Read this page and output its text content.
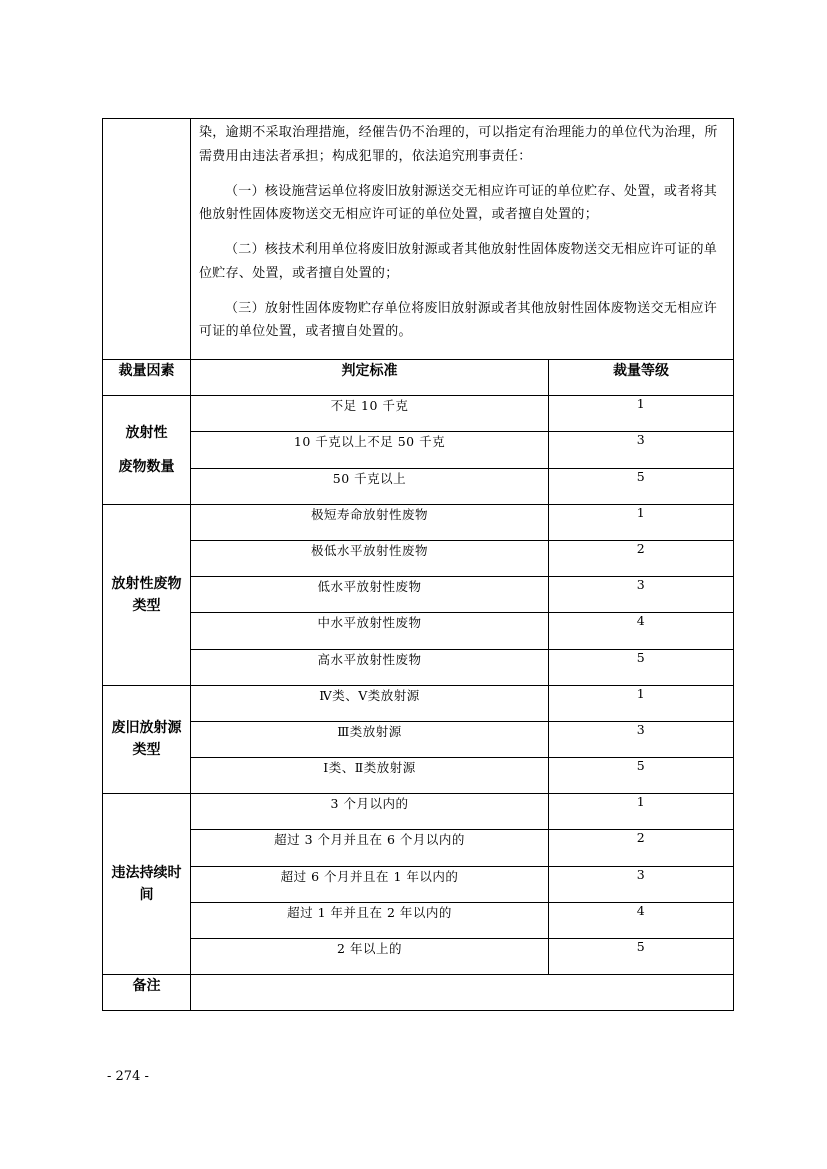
	染，逾期不采取治理措施，经催告仍不治理的，可以指定有治理能力的单位代为治理，所需费用由违法者承担；构成犯罪的，依法追究刑事责任：

（一）核设施营运单位将废旧放射源送交无相应许可证的单位贮存、处置，或者将其他放射性固体废物送交无相应许可证的单位处置，或者擅自处置的；

（二）核技术利用单位将废旧放射源或者其他放射性固体废物送交无相应许可证的单位贮存、处置，或者擅自处置的；

（三）放射性固体废物贮存单位将废旧放射源或者其他放射性固体废物送交无相应许可证的单位处置，或者擅自处置的。	

裁量因素	判定标准	裁量等级

放射性
废物数量	不足 10 千克	1
	10 千克以上不足 50 千克	3
	50 千克以上	5

放射性废物
类型	极短寿命放射性废物	1
	极低水平放射性废物	2
	低水平放射性废物	3
	中水平放射性废物	4
	高水平放射性废物	5

废旧放射源
类型	Ⅳ类、Ⅴ类放射源	1
	Ⅲ类放射源	3
	Ⅰ类、Ⅱ类放射源	5

违法持续时
间	3 个月以内的	1
	超过 3 个月并且在 6 个月以内的	2
	超过 6 个月并且在 1 年以内的	3
	超过 1 年并且在 2 年以内的	4
	2 年以上的	5
备注		
- 274 -
